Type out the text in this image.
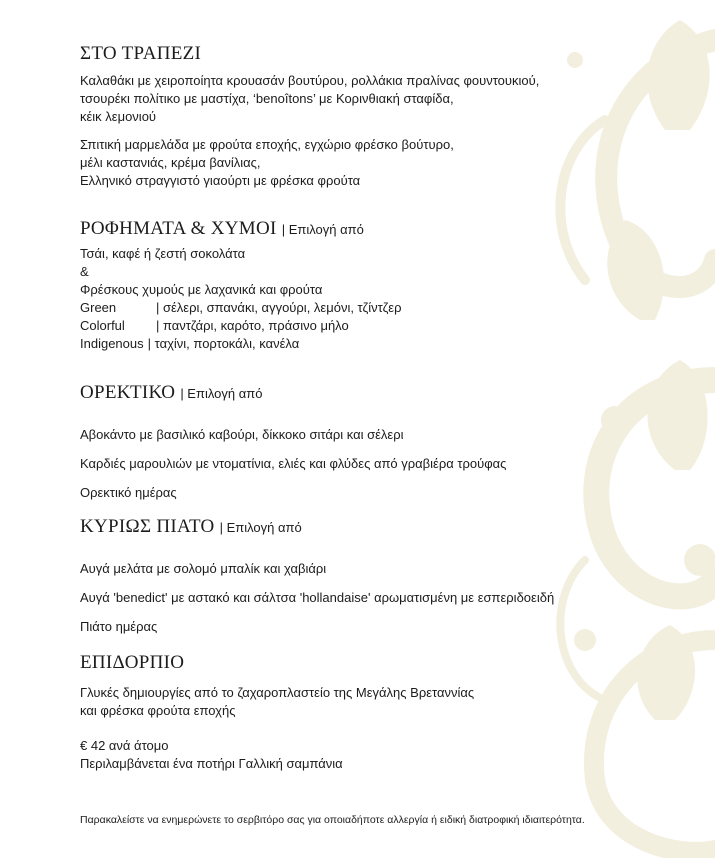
ΣΤΟ ΤΡΑΠΕΖΙ

Καλαθάκι με χειροποίητα κρουασάν βουτύρου, ρολλάκια πραλίνας φουντουκιού,

τσουρέκι πολίτικο με μαστίχα, ‘benoîtons’ με Κορινθιακή σταφίδα,

κέικ λεμονιού

Σπιτική μαρμελάδα με φρούτα εποχής, εγχώριο φρέσκο βούτυρο,

μέλι καστανιάς, κρέμα βανίλιας,

Ελληνικό στραγγιστό γιαούρτι με φρέσκα φρούτα

ΡΟΦΗΜΑΤΑ & ΧΥΜΟΙ | Επιλογή από

Τσάι, καφέ ή ζεστή σοκολάτα

&

Φρέσκους χυμούς με λαχανικά και φρούτα

Green	| σέλερι, σπανάκι, αγγούρι, λεμόνι, τζίντζερ
Colorful	| παντζάρι, καρότο, πράσινο μήλο
Indigenous | ταχίνι, πορτοκάλι, κανέλα
ΟΡΕΚΤΙΚΟ | Επιλογή από

Αβοκάντο με βασιλικό καβούρι, δίκκοκο σιτάρι και σέλερι

Καρδιές μαρουλιών με ντοματίνια, ελιές και φλύδες από γραβιέρα τρούφας

Ορεκτικό ημέρας

ΚΥΡΙΩΣ ΠΙΑΤΟ | Επιλογή από

Αυγά μελάτα με σολομό μπαλίκ και χαβιάρι

Αυγά 'benedict' με αστακό και σάλτσα 'hollandaise' αρωματισμένη με εσπεριδοειδή

Πιάτο ημέρας

ΕΠΙΔΟΡΠΙΟ

Γλυκές δημιουργίες από το ζαχαροπλαστείο της Μεγάλης Βρεταννίας

και φρέσκα φρούτα εποχής

€ 42 ανά άτομο

Περιλαμβάνεται ένα ποτήρι Γαλλική σαμπάνια

Παρακαλείστε να ενημερώνετε το σερβιτόρο σας για οποιαδήποτε αλλεργία ή ειδική διατροφική ιδιαιτερότητα.
